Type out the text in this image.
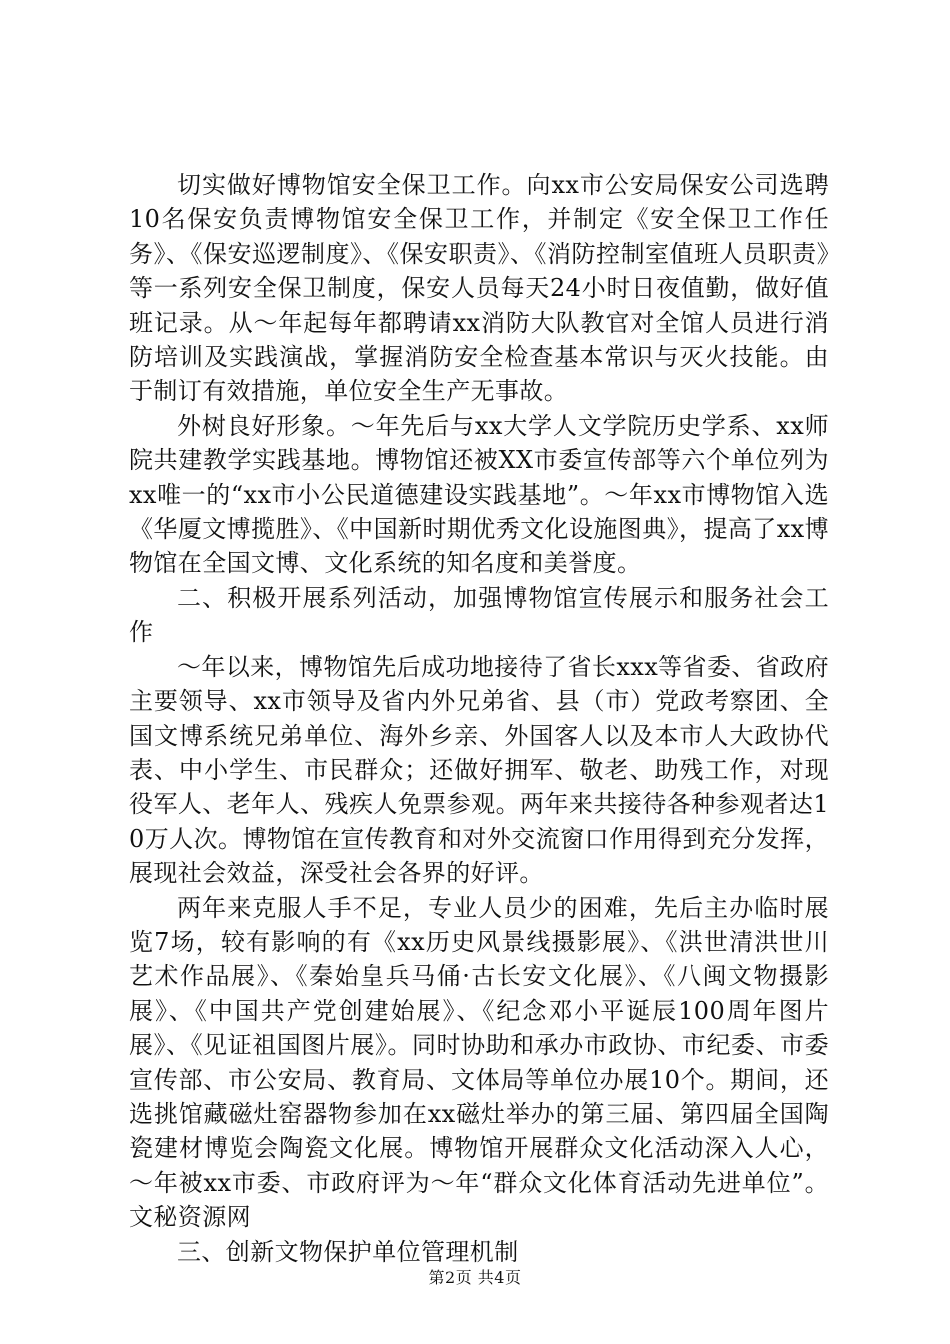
切实做好博物馆安全保卫工作。向xx市公安局保安公司选聘10名保安负责博物馆安全保卫工作，并制定《安全保卫工作任务》、《保安巡逻制度》、《保安职责》、《消防控制室值班人员职责》等一系列安全保卫制度，保安人员每天24小时日夜值勤，做好值班记录。从～年起每年都聘请xx消防大队教官对全馆人员进行消防培训及实践演战，掌握消防安全检查基本常识与灭火技能。由于制订有效措施，单位安全生产无事故。

外树良好形象。～年先后与xx大学人文学院历史学系、xx师院共建教学实践基地。博物馆还被XX市委宣传部等六个单位列为xx唯一的“xx市小公民道德建设实践基地”。～年xx市博物馆入选《华厦文博揽胜》、《中国新时期优秀文化设施图典》，提高了xx博物馆在全国文博、文化系统的知名度和美誉度。

二、积极开展系列活动，加强博物馆宣传展示和服务社会工作

～年以来，博物馆先后成功地接待了省长xxx等省委、省政府主要领导、xx市领导及省内外兄弟省、县（市）党政考察团、全国文博系统兄弟单位、海外乡亲、外国客人以及本市人大政协代表、中小学生、市民群众；还做好拥军、敬老、助残工作，对现役军人、老年人、残疾人免票参观。两年来共接待各种参观者达10万人次。博物馆在宣传教育和对外交流窗口作用得到充分发挥，展现社会效益，深受社会各界的好评。

两年来克服人手不足，专业人员少的困难，先后主办临时展览7场，较有影响的有《xx历史风景线摄影展》、《洪世清洪世川艺术作品展》、《秦始皇兵马俑·古长安文化展》、《八闽文物摄影展》、《中国共产党创建始展》、《纪念邓小平诞辰100周年图片展》、《见证祖国图片展》。同时协助和承办市政协、市纪委、市委宣传部、市公安局、教育局、文体局等单位办展10个。期间，还选挑馆藏磁灶窑器物参加在xx磁灶举办的第三届、第四届全国陶瓷建材博览会陶瓷文化展。博物馆开展群众文化活动深入人心，～年被xx市委、市政府评为～年“群众文化体育活动先进单位”。文秘资源网

三、创新文物保护单位管理机制

第2页 共4页
